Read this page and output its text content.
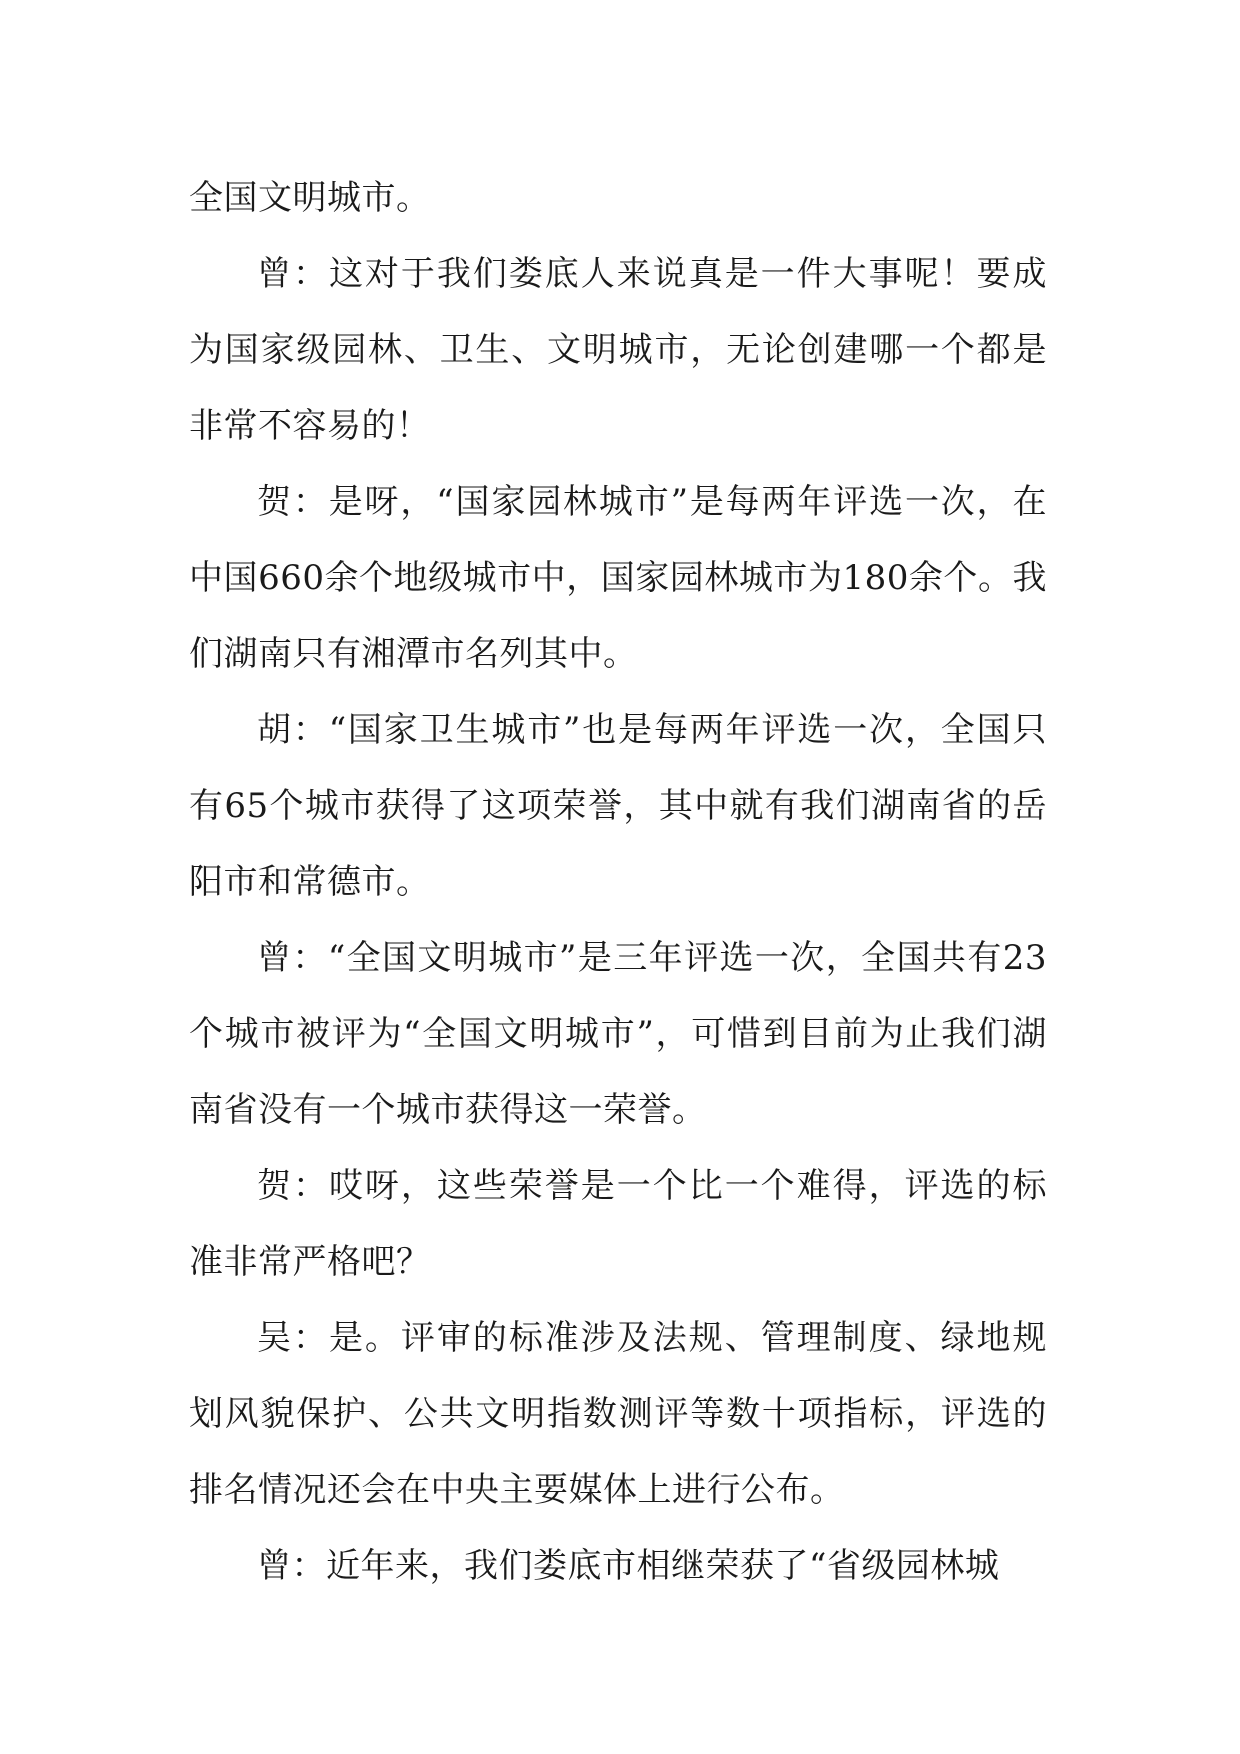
全国文明城市。

曾：这对于我们娄底人来说真是一件大事呢！要成为国家级园林、卫生、文明城市，无论创建哪一个都是非常不容易的！

贺：是呀，“国家园林城市”是每两年评选一次，在中国660余个地级城市中，国家园林城市为180余个。我们湖南只有湘潭市名列其中。

胡：“国家卫生城市”也是每两年评选一次，全国只有65个城市获得了这项荣誉，其中就有我们湖南省的岳阳市和常德市。

曾：“全国文明城市”是三年评选一次，全国共有23个城市被评为“全国文明城市”，可惜到目前为止我们湖南省没有一个城市获得这一荣誉。

贺：哎呀，这些荣誉是一个比一个难得，评选的标准非常严格吧？

吴：是。评审的标准涉及法规、管理制度、绿地规划风貌保护、公共文明指数测评等数十项指标，评选的排名情况还会在中央主要媒体上进行公布。

曾：近年来，我们娄底市相继荣获了“省级园林城
